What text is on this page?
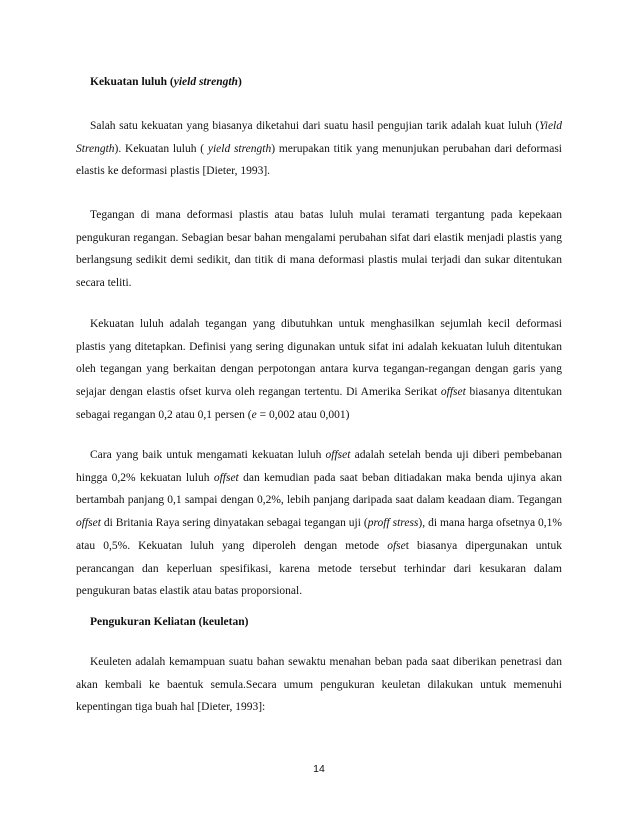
Kekuatan luluh (yield strength)

Salah satu kekuatan yang biasanya diketahui dari suatu hasil pengujian tarik adalah kuat luluh (Yield Strength). Kekuatan luluh ( yield strength) merupakan titik yang menunjukan perubahan dari deformasi elastis ke deformasi plastis [Dieter, 1993].

Tegangan di mana deformasi plastis atau batas luluh mulai teramati tergantung pada kepekaan pengukuran regangan. Sebagian besar bahan mengalami perubahan sifat dari elastik menjadi plastis yang berlangsung sedikit demi sedikit, dan titik di mana deformasi plastis mulai terjadi dan sukar ditentukan secara teliti.

Kekuatan luluh adalah tegangan yang dibutuhkan untuk menghasilkan sejumlah kecil deformasi plastis yang ditetapkan. Definisi yang sering digunakan untuk sifat ini adalah kekuatan luluh ditentukan oleh tegangan yang berkaitan dengan perpotongan antara kurva tegangan-regangan dengan garis yang sejajar dengan elastis ofset kurva oleh regangan tertentu. Di Amerika Serikat offset biasanya ditentukan sebagai regangan 0,2 atau 0,1 persen (e = 0,002 atau 0,001)

Cara yang baik untuk mengamati kekuatan luluh offset adalah setelah benda uji diberi pembebanan hingga 0,2% kekuatan luluh offset dan kemudian pada saat beban ditiadakan maka benda ujinya akan bertambah panjang 0,1 sampai dengan 0,2%, lebih panjang daripada saat dalam keadaan diam. Tegangan offset di Britania Raya sering dinyatakan sebagai tegangan uji (proff stress), di mana harga ofsetnya 0,1% atau 0,5%. Kekuatan luluh yang diperoleh dengan metode ofset biasanya dipergunakan untuk perancangan dan keperluan spesifikasi, karena metode tersebut terhindar dari kesukaran dalam pengukuran batas elastik atau batas proporsional.

Pengukuran Keliatan (keuletan)

Keuleten adalah kemampuan suatu bahan sewaktu menahan beban pada saat diberikan penetrasi dan akan kembali ke baentuk semula.Secara umum pengukuran keuletan dilakukan untuk memenuhi kepentingan tiga buah hal [Dieter, 1993]:

14
